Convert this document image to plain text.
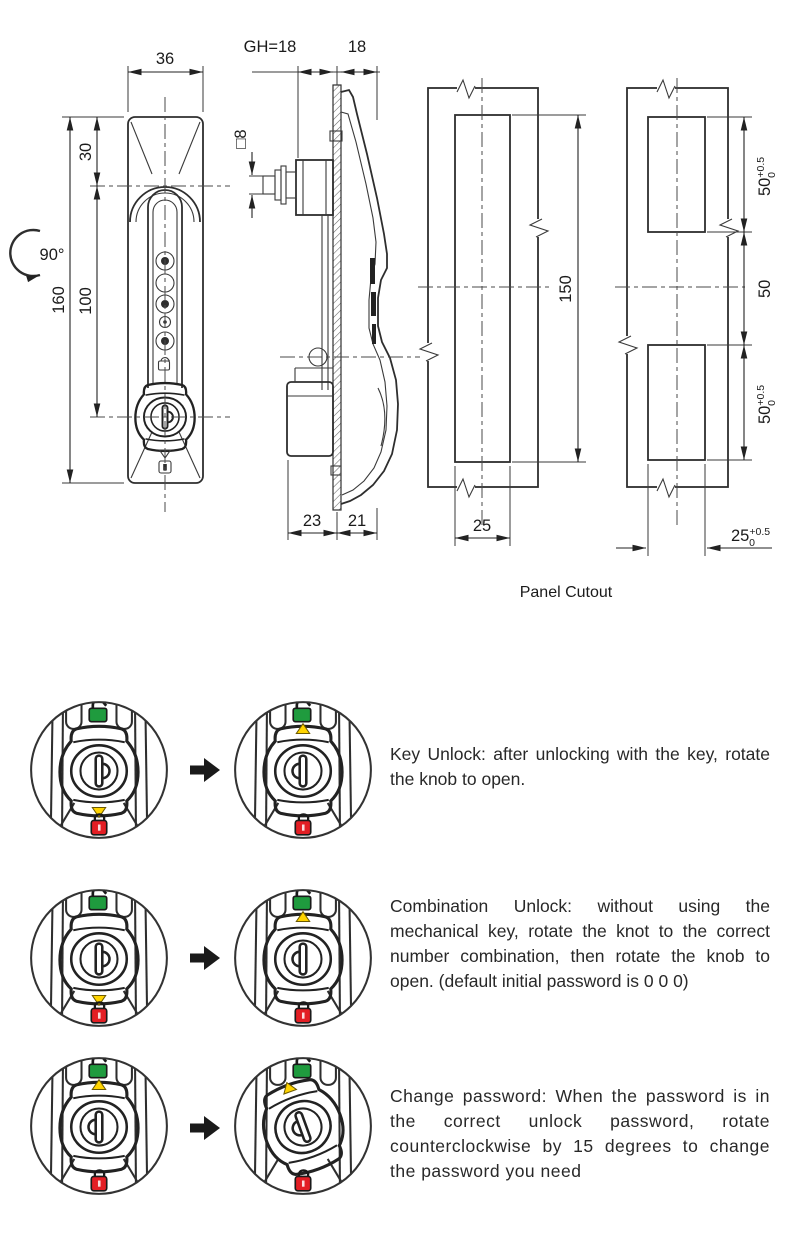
36
30
160 100
90°
GH=18	18
□8
23 21
150
25
$50^{+0.5}0$
50
$50^{+0.5}0$
$25^{+0.5}$ 0
Panel Cutout
Key Unlock: after unlocking with the key, rotate the knob to open.
Combination Unlock: without using the mechanical key, rotate the knot to the correct number combination, then rotate the knob to open. (default initial password is 0 0 0)
Change password: When the password is in the correct unlock password, rotate counterclockwise by 15 degrees to change the password you need
